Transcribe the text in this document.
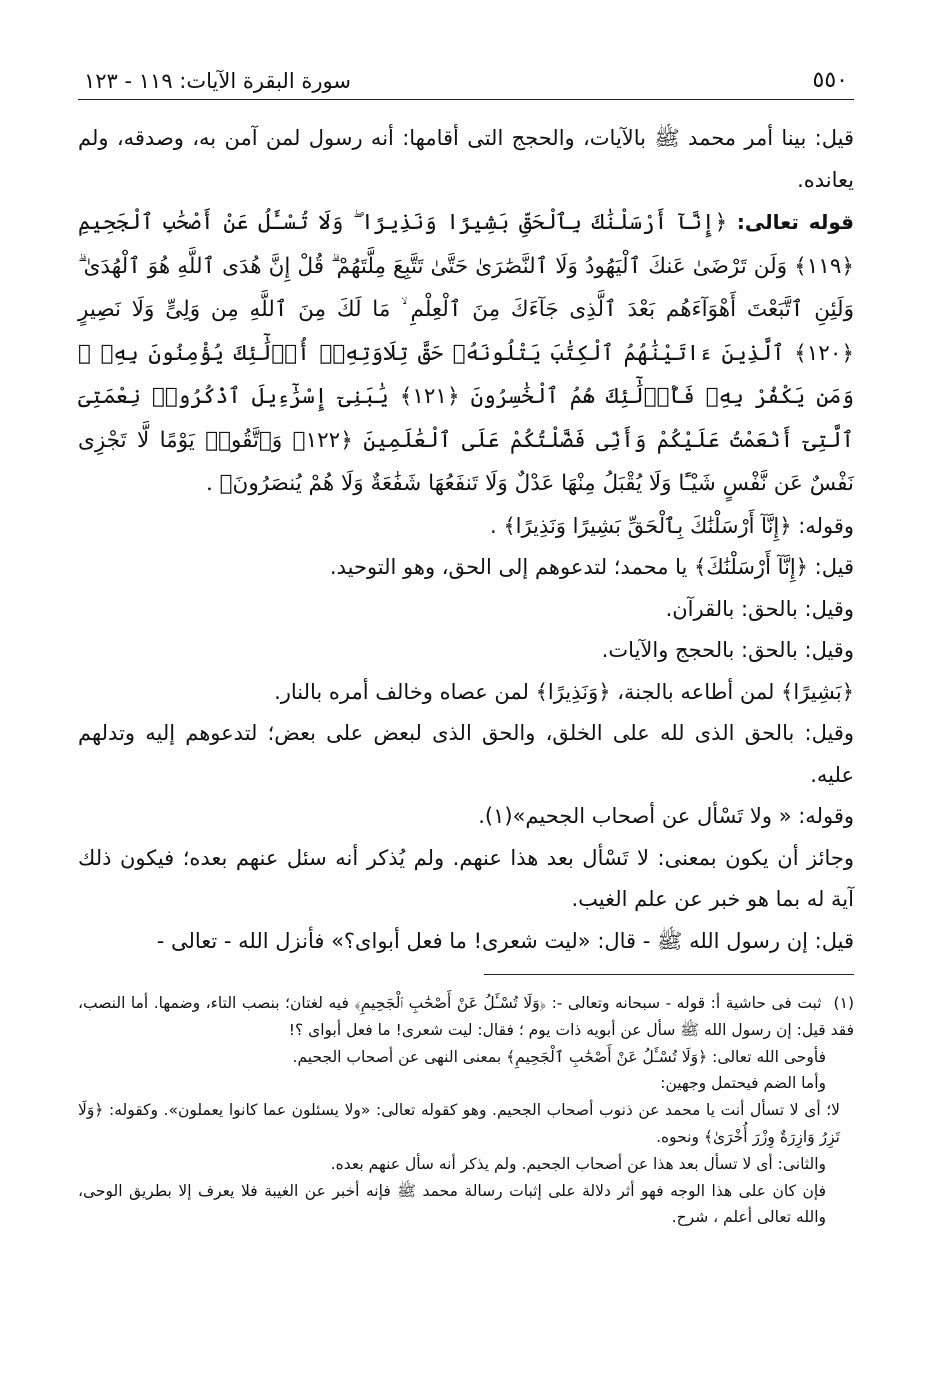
٥٥٠
سورة البقرة الآيات: ١١٩ - ١٢٣

قيل: بينا أمر محمد ﷺ بالآيات، والحجج التى أقامها: أنه رسول لمن آمن به، وصدقه، ولم يعانده.

قوله تعالى: ﴿إِنَّآ أَرْسَلْنَٰكَ بِٱلْحَقِّ بَشِيرًا وَنَذِيرًا ۖ وَلَا تُسْـَٔلُ عَنْ أَصْحَٰبِ ٱلْجَحِيمِ ﴿١١٩﴾ وَلَن تَرْضَىٰ عَنكَ ٱلْيَهُودُ وَلَا ٱلنَّصَٰرَىٰ حَتَّىٰ تَتَّبِعَ مِلَّتَهُمْ ۗ قُلْ إِنَّ هُدَى ٱللَّهِ هُوَ ٱلْهُدَىٰ ۗ وَلَئِنِ ٱتَّبَعْتَ أَهْوَآءَهُم بَعْدَ ٱلَّذِى جَآءَكَ مِنَ ٱلْعِلْمِ ۙ مَا لَكَ مِنَ ٱللَّهِ مِن وَلِىٍّ وَلَا نَصِيرٍ ﴿١٢٠﴾ ٱلَّذِينَ ءَاتَيْنَٰهُمُ ٱلْكِتَٰبَ يَتْلُونَهُۥ حَقَّ تِلَاوَتِهِۦٓ أُو۟لَٰٓئِكَ يُؤْمِنُونَ بِهِۦ ۗ وَمَن يَكْفُرْ بِهِۦ فَأُو۟لَٰٓئِكَ هُمُ ٱلْخَٰسِرُونَ ﴿١٢١﴾ يَٰبَنِىٓ إِسْرَٰٓءِيلَ ٱذْكُرُوا۟ نِعْمَتِىَ ٱلَّتِىٓ أَنْعَمْتُ عَلَيْكُمْ وَأَنِّى فَضَّلْتُكُمْ عَلَى ٱلْعَٰلَمِينَ ﴿١٢٢﴾ وَٱتَّقُوا۟ يَوْمًا لَّا تَجْزِى نَفْسٌ عَن نَّفْسٍ شَيْـًٔا وَلَا يُقْبَلُ مِنْهَا عَدْلٌ وَلَا تَنفَعُهَا شَفَٰعَةٌ وَلَا هُمْ يُنصَرُونَ﴾ .

وقوله: ﴿إِنَّآ أَرْسَلْنَٰكَ بِٱلْحَقِّ بَشِيرًا وَنَذِيرًا﴾ .

قيل: ﴿إِنَّآ أَرْسَلْنَٰكَ﴾ يا محمد؛ لتدعوهم إلى الحق، وهو التوحيد.

وقيل: بالحق: بالقرآن.

وقيل: بالحق: بالحجج والآيات.

﴿بَشِيرًا﴾ لمن أطاعه بالجنة، ﴿وَنَذِيرًا﴾ لمن عصاه وخالف أمره بالنار.

وقيل: بالحق الذى لله على الخلق، والحق الذى لبعض على بعض؛ لتدعوهم إليه وتدلهم عليه.

وقوله: « ولا تَسْأل عن أصحاب الجحيم»(١).

وجائز أن يكون بمعنى: لا تَسْأل بعد هذا عنهم. ولم يُذكر أنه سئل عنهم بعده؛ فيكون ذلك آية له بما هو خبر عن علم الغيب.

قيل: إن رسول الله ﷺ - قال: «ليت شعرى! ما فعل أبواى؟» فأنزل الله - تعالى -

(١)ثبت فى حاشية أ: قوله - سبحانه وتعالى -: ﴿وَلَا تُسْـَٔلُ عَنْ أَصْحَٰبِ ٱلْجَحِيمِ﴾ فيه لغتان؛ بنصب التاء، وضمها. أما النصب، فقد قيل: إن رسول الله ﷺ سأل عن أبويه ذات يوم ؛ فقال: ليت شعرى! ما فعل أبواى ؟!

فأوحى الله تعالى: ﴿وَلَا تُسْـَٔلُ عَنْ أَصْحَٰبِ ٱلْجَحِيمِ﴾ بمعنى النهى عن أصحاب الجحيم.

وأما الضم فيحتمل وجهين:

لا؛ أى لا تسأل أنت يا محمد عن ذنوب أصحاب الجحيم. وهو كقوله تعالى: «ولا يسئلون عما كانوا يعملون». وكقوله: ﴿وَلَا تَزِرُ وَازِرَةٌ وِزْرَ أُخْرَىٰ﴾ ونحوه.

والثانى: أى لا تسأل بعد هذا عن أصحاب الجحيم. ولم يذكر أنه سأل عنهم بعده.

فإن كان على هذا الوجه فهو أثر دلالة على إثبات رسالة محمد ﷺ فإنه أخبر عن الغيبة فلا يعرف إلا بطريق الوحى، والله تعالى أعلم ، شرح.
